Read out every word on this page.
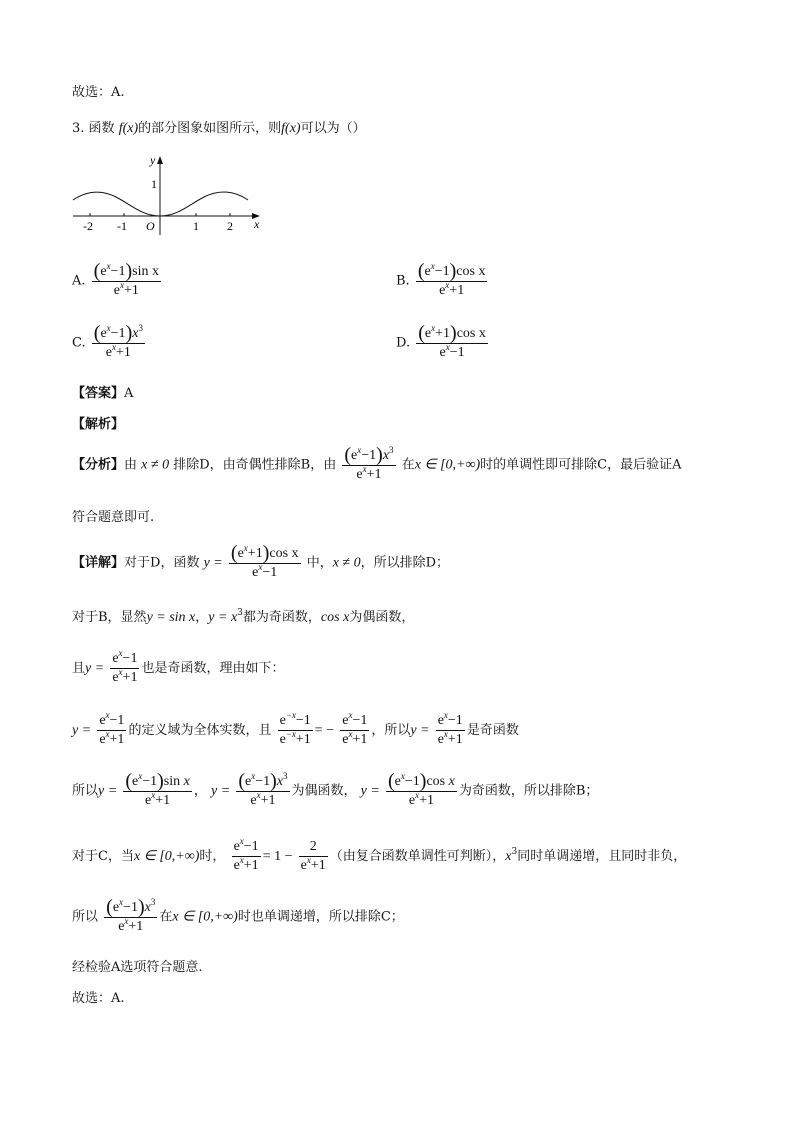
故选：A.
3. 函数 f(x)的部分图象如图所示，则f(x)可以为（）
y
x
1
-2 -1 O	1 2
A. $\frac{(e^x-1)\sin x}{e^x+1}$	B. $\frac{(e^x-1)\cos x}{e^x+1}$
C. $\frac{(e^x-1)x^3}{e^x+1}$	D. $\frac{(e^x+1)\cos x}{e^x-1}$
【答案】A
【解析】
【分析】由 x ≠ 0 排除D，由奇偶性排除B，由 $\frac{(e^x-1)x^3}{e^x+1}$ 在x ∈ [0,+∞)时的单调性即可排除C，最后验证A
符合题意即可.
【详解】对于D，函数 $y = \frac{(e^x+1)\cos x}{e^x-1}$ 中，x ≠ 0，所以排除D；
对于B，显然y = sin x，$y = x^3$都为奇函数，cos x为偶函数，
且$y = \frac{e^x-1}{e^x+1}$ 也是奇函数，理由如下：
$y = \frac{e^x-1}{e^x+1}$ 的定义域为全体实数，且 $\frac{e^{-x}-1}{e^{-x}+1}$ = − $\frac{e^x-1}{e^x+1}$ ，所以$y = \frac{e^x-1}{e^x+1}$ 是奇函数
所以$y = \frac{(e^x-1)\sin x}{e^x+1}$ ， $y = \frac{(e^x-1)x^3}{e^x+1}$ 为偶函数， $y = \frac{(e^x-1)\cos x}{e^x+1}$ 为奇函数，所以排除B；
对于C，当x ∈ [0,+∞)时， $\frac{e^x-1}{e^x+1} = 1 - \frac{2}{e^x+1}$ （由复合函数单调性可判断），$x^3$同时单调递增，且同时非负，
所以 $\frac{(e^x-1)x^3}{e^x+1}$ 在x ∈ [0,+∞)时也单调递增，所以排除C；
经检验A选项符合题意.
故选：A.
